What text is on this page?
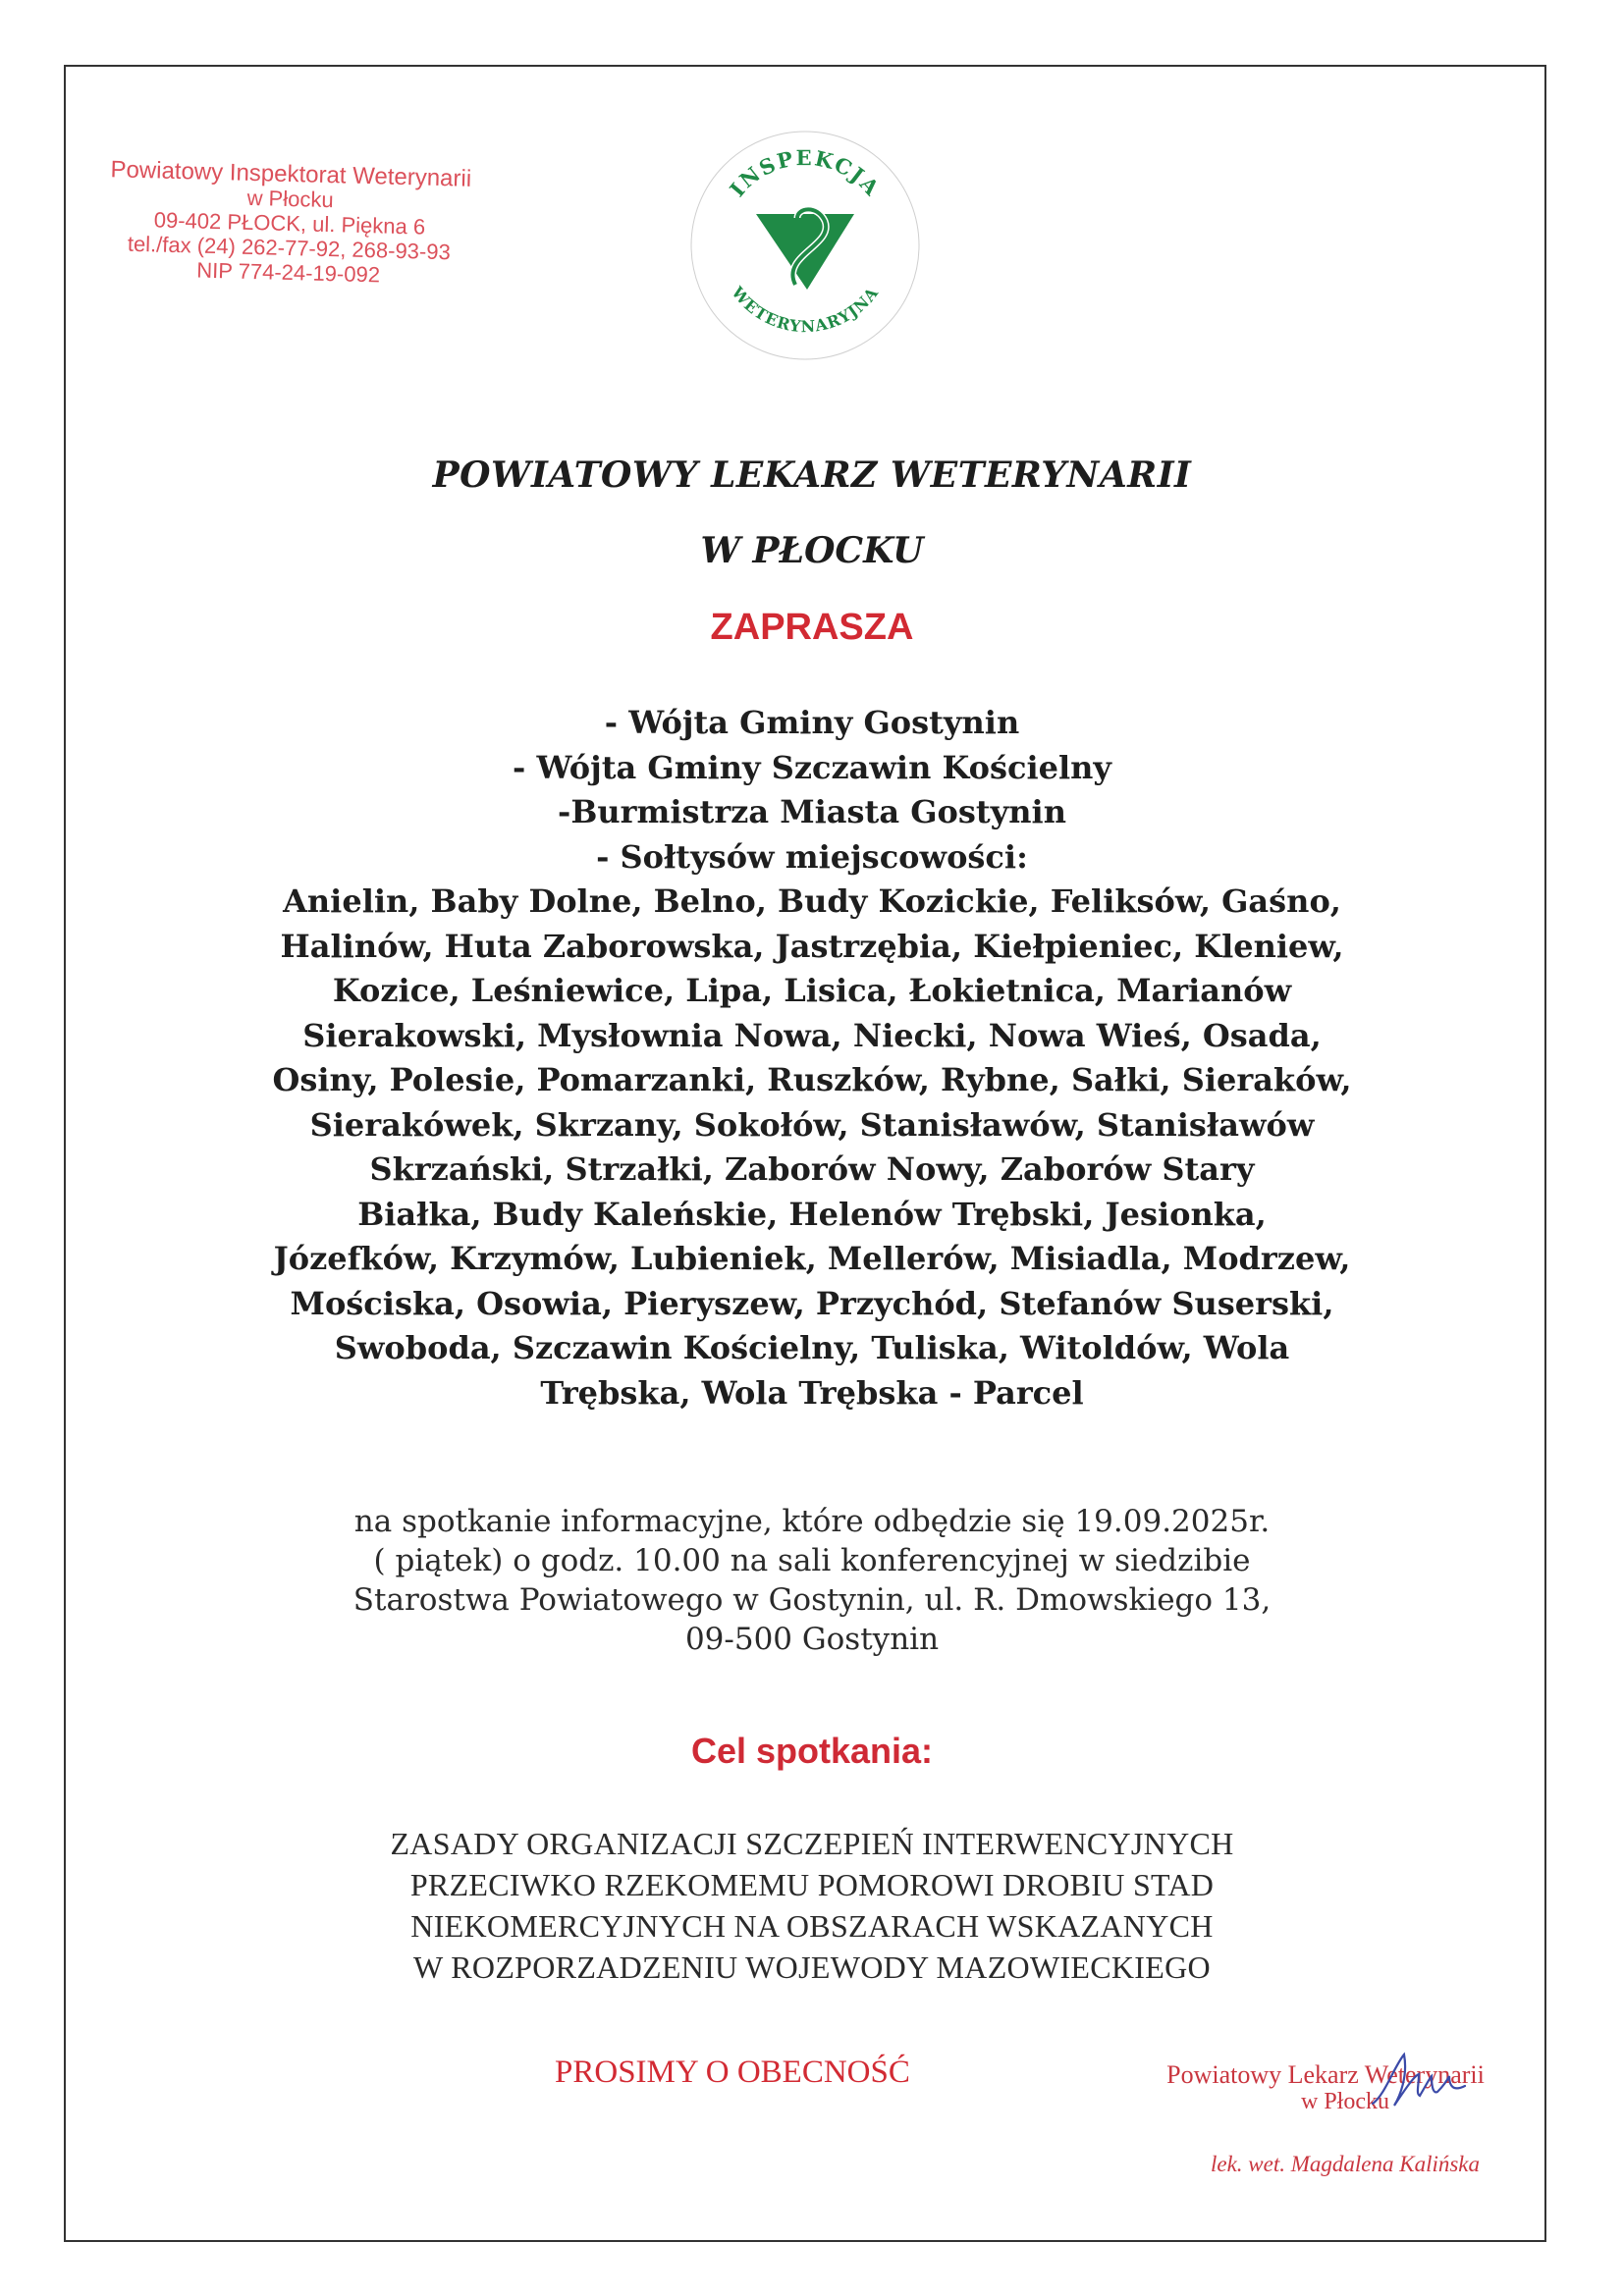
Powiatowy Inspektorat Weterynarii
w Płocku
09-402 PŁOCK, ul. Piękna 6
tel./fax (24) 262-77-92, 268-93-93
NIP 774-24-19-092
INSPEKCJA
WETERYNARYJNA
POWIATOWY LEKARZ WETERYNARII
W PŁOCKU
ZAPRASZA
- Wójta Gminy Gostynin
- Wójta Gminy Szczawin Kościelny
-Burmistrza Miasta Gostynin
- Sołtysów miejscowości:
Anielin, Baby Dolne, Belno, Budy Kozickie, Feliksów, Gaśno,
Halinów, Huta Zaborowska, Jastrzębia, Kiełpieniec, Kleniew,
Kozice, Leśniewice, Lipa, Lisica, Łokietnica, Marianów
Sierakowski, Mysłownia Nowa, Niecki, Nowa Wieś, Osada,
Osiny, Polesie, Pomarzanki, Ruszków, Rybne, Sałki, Sieraków,
Sierakówek, Skrzany, Sokołów, Stanisławów, Stanisławów
Skrzański, Strzałki, Zaborów Nowy, Zaborów Stary
Białka, Budy Kaleńskie, Helenów Trębski, Jesionka,
Józefków, Krzymów, Lubieniek, Mellerów, Misiadla, Modrzew,
Mościska, Osowia, Pieryszew, Przychód, Stefanów Suserski,
Swoboda, Szczawin Kościelny, Tuliska, Witoldów, Wola
Trębska, Wola Trębska - Parcel
na spotkanie informacyjne, które odbędzie się 19.09.2025r.
( piątek) o godz. 10.00 na sali konferencyjnej w siedzibie
Starostwa Powiatowego w Gostynin, ul. R. Dmowskiego 13,
09-500 Gostynin
Cel spotkania:
ZASADY ORGANIZACJI SZCZEPIEŃ INTERWENCYJNYCH
PRZECIWKO RZEKOMEMU POMOROWI DROBIU STAD
NIEKOMERCYJNYCH NA OBSZARACH WSKAZANYCH
W ROZPORZADZENIU WOJEWODY MAZOWIECKIEGO
PROSIMY O OBECNOŚĆ	Powiatowy Lekarz Weterynarii
w Płocku
lek. wet. Magdalena Kalińska
